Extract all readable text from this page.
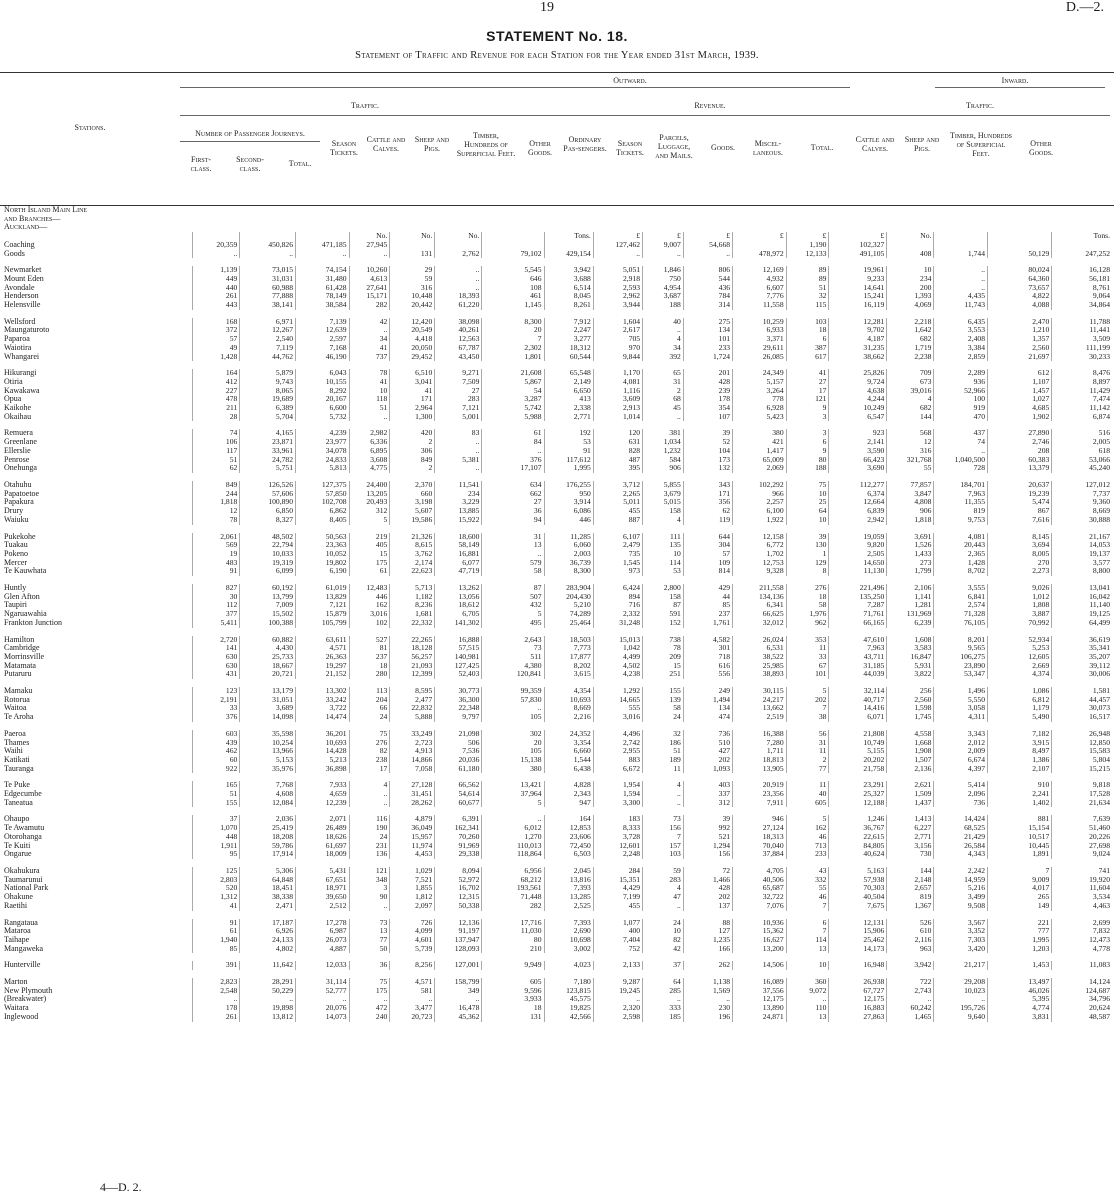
19	D.—2.
STATEMENT No. 18.
Statement of Traffic and Revenue for each Station for the Year ended 31st March, 1939.
Outward.	Inward.
Traffic.	Revenue.	Traffic.
Number of Passenger Journeys.
Stations.
First-class.
Second-class.
Total.
Season Tickets.
Cattle and Calves.
Sheep and Pigs.
Timber, Hundreds of Superficial Feet.
Other Goods.
Ordinary Pas-sengers.
Season Tickets.
Parcels, Luggage, and Mails.
Goods.	Miscel-laneous.
Total.
Cattle and Calves.
Sheep and Pigs.
Timber, Hundreds of Superficial Feet.
Other Goods.
North Island Main Line																		
and Branches—																		
Auckland—																		
				No.	No.	No.		Tons.	£	£	£	£	£	£	No.			Tons.
Coaching	20,359	450,826	471,185	27,945					127,462	9,007	54,668		1,190	102,327				
Goods	..	..	..	..	131	2,762	79,102	429,154	..	..	..	478,972	12,133	491,105	408	1,744	50,129	247,252

Newmarket	1,139	73,015	74,154	10,260	29	..	5,545	3,942	5,051	1,846	806	12,169	89	19,961	10	..	80,024	16,128
Mount Eden	449	31,031	31,480	4,613	59	..	646	3,688	2,918	750	544	4,932	89	9,233	234	..	64,360	56,181
Avondale	440	60,988	61,428	27,641	316	..	108	6,514	2,593	4,954	436	6,607	51	14,641	200	..	73,657	8,761
Henderson	261	77,888	78,149	15,171	10,448	18,393	461	8,045	2,962	3,687	784	7,776	32	15,241	1,393	4,435	4,822	9,064
Helensville	443	38,141	38,584	282	20,442	61,220	1,145	8,261	3,944	188	314	11,558	115	16,119	4,069	11,743	4,088	34,864

Wellsford	168	6,971	7,139	42	12,420	38,098	8,300	7,912	1,604	40	275	10,259	103	12,281	2,218	6,435	2,470	11,788
Maungaturoto	372	12,267	12,639	..	20,549	40,261	20	2,247	2,617	..	134	6,933	18	9,702	1,642	3,553	1,210	11,441
Paparoa	57	2,540	2,597	34	4,418	12,563	7	3,277	705	4	101	3,371	6	4,187	682	2,408	1,357	3,509
Waiotira	49	7,119	7,168	41	20,050	67,787	2,302	18,312	970	34	233	29,611	387	31,235	1,719	3,384	2,560	111,199
Whangarei	1,428	44,762	46,190	737	29,452	43,450	1,801	60,544	9,844	392	1,724	26,085	617	38,662	2,238	2,859	21,697	30,233

Hikurangi	164	5,879	6,043	78	6,510	9,271	21,608	65,548	1,170	65	201	24,349	41	25,826	709	2,289	612	8,476
Otiria	412	9,743	10,155	41	3,041	7,509	5,867	2,149	4,081	31	428	5,157	27	9,724	673	936	1,107	8,897
Kawakawa	227	8,065	8,292	10	41	27	54	6,650	1,116	2	239	3,264	17	4,638	39,016	52,966	1,457	11,429
Opua	478	19,689	20,167	118	171	283	3,287	413	3,609	68	178	778	121	4,244	4	100	1,027	7,474
Kaikohe	211	6,389	6,600	51	2,964	7,121	5,742	2,338	2,913	45	354	6,928	9	10,249	682	919	4,685	11,142
Okaihau	28	5,704	5,732	..	1,300	5,001	5,988	2,771	1,014	..	107	5,423	3	6,547	144	470	1,902	6,874

Remuera	74	4,165	4,239	2,982	420	83	61	192	120	381	39	380	3	923	568	437	27,890	516
Greenlane	106	23,871	23,977	6,336	2	..	84	53	631	1,034	52	421	6	2,141	12	74	2,746	2,005
Ellerslie	117	33,961	34,078	6,895	306	..	..	91	828	1,232	104	1,417	9	3,590	316	..	208	618
Penrose	51	24,782	24,833	3,608	849	5,381	376	117,612	487	584	173	65,009	80	66,423	321,768	1,040,500	60,383	53,066
Onehunga	62	5,751	5,813	4,775	2	..	17,107	1,995	395	906	132	2,069	188	3,690	55	728	13,379	45,240

Otahuhu	849	126,526	127,375	24,400	2,370	11,541	634	176,255	3,712	5,855	343	102,292	75	112,277	77,857	184,701	20,637	127,012
Papatoetoe	244	57,606	57,850	13,205	660	234	662	950	2,265	3,679	171	966	10	6,374	3,847	7,963	19,239	7,737
Papakura	1,818	100,890	102,708	20,493	3,198	3,229	27	3,914	5,011	5,015	356	2,257	25	12,664	4,808	11,355	5,474	9,360
Drury	12	6,850	6,862	312	5,607	13,885	36	6,086	455	158	62	6,100	64	6,839	906	819	867	8,669
Waiuku	78	8,327	8,405	5	19,586	15,922	94	446	887	4	119	1,922	10	2,942	1,818	9,753	7,616	30,888

Pukekohe	2,061	48,502	50,563	219	21,326	18,600	31	11,285	6,107	111	644	12,158	39	19,059	3,691	4,081	8,145	21,167
Tuakau	569	22,794	23,363	405	8,615	58,149	13	6,060	2,479	135	304	6,772	130	9,820	1,526	20,443	3,694	14,053
Pokeno	19	10,033	10,052	15	3,762	16,881	..	2,003	735	10	57	1,702	1	2,505	1,433	2,365	8,005	19,137
Mercer	483	19,319	19,802	175	2,174	6,077	579	36,739	1,545	114	109	12,753	129	14,650	273	1,428	270	3,577
Te Kauwhata	91	6,099	6,190	61	22,623	47,719	58	8,300	973	53	814	9,328	8	11,130	1,799	8,702	2,273	8,800

Huntly	827	60,192	61,019	12,483	5,713	13,262	87	283,904	6,424	2,800	429	211,558	276	221,496	2,106	3,555	9,026	13,041
Glen Afton	30	13,799	13,829	446	1,182	13,056	507	204,430	894	158	44	134,136	18	135,250	1,141	6,841	1,012	16,042
Taupiri	112	7,009	7,121	162	8,236	18,612	432	5,210	716	87	85	6,341	58	7,287	1,281	2,574	1,808	11,140
Ngaruawahia	377	15,502	15,879	3,016	1,681	6,705	5	74,289	2,332	591	237	66,625	1,976	71,761	131,969	71,328	3,887	19,125
Frankton Junction	5,411	100,388	105,799	102	22,332	141,302	495	25,464	31,248	152	1,761	32,012	962	66,165	6,239	76,105	70,992	64,499

Hamilton	2,720	60,882	63,611	527	22,265	16,888	2,643	18,503	15,013	738	4,582	26,024	353	47,610	1,608	8,201	52,934	36,619
Cambridge	141	4,430	4,571	81	18,128	57,515	73	7,773	1,042	78	301	6,531	11	7,963	3,583	9,565	5,253	35,341
Morrinsville	630	25,733	26,363	237	56,257	140,981	511	17,877	4,499	209	718	38,522	33	43,711	16,847	106,275	12,605	35,207
Matamata	630	18,667	19,297	18	21,093	127,425	4,380	8,202	4,502	15	616	25,985	67	31,185	5,931	23,890	2,669	39,112
Putaruru	431	20,721	21,152	280	12,399	52,403	120,841	3,615	4,238	251	556	38,893	101	44,039	3,822	53,347	4,374	30,006

Mamaku	123	13,179	13,302	113	8,595	30,773	99,359	4,354	1,292	155	249	30,115	5	32,114	256	1,496	1,086	1,581
Rotorua	2,191	31,051	33,242	204	2,477	36,300	57,830	10,693	14,665	139	1,494	24,217	202	40,717	2,560	5,550	6,812	44,457
Waitoa	33	3,689	3,722	66	22,832	22,348	..	8,669	555	58	134	13,662	7	14,416	1,598	3,058	1,179	30,073
Te Aroha	376	14,098	14,474	24	5,888	9,797	105	2,216	3,016	24	474	2,519	38	6,071	1,745	4,311	5,490	16,517

Paeroa	603	35,598	36,201	75	33,249	21,098	302	24,352	4,496	32	736	16,388	56	21,808	4,558	3,343	7,182	26,948
Thames	439	10,254	10,693	276	2,723	506	20	3,354	2,742	186	510	7,280	31	10,749	1,668	2,012	3,915	12,850
Waihi	462	13,966	14,428	82	4,913	7,536	105	6,660	2,955	51	427	1,711	11	5,155	1,908	2,009	8,497	15,583
Katikati	60	5,153	5,213	238	14,866	20,036	15,138	1,544	883	189	202	18,813	2	20,202	1,507	6,674	1,386	5,804
Tauranga	922	35,976	36,898	17	7,058	61,180	380	6,438	6,672	11	1,093	13,905	77	21,758	2,136	4,397	2,107	15,215

Te Puke	165	7,768	7,933	4	27,128	66,562	13,421	4,828	1,954	4	403	20,919	11	23,291	2,621	5,414	910	9,818
Edgecumbe	51	4,608	4,659	..	31,451	54,614	37,964	2,343	1,594	..	337	23,356	40	25,327	1,509	2,096	2,241	17,528
Taneatua	155	12,084	12,239	..	28,262	60,677	5	947	3,300	..	312	7,911	605	12,188	1,437	736	1,402	21,634

Ohaupo	37	2,036	2,071	116	4,879	6,391	..	164	183	73	39	946	5	1,246	1,413	14,424	881	7,639
Te Awamutu	1,070	25,419	26,489	190	36,049	162,341	6,012	12,853	8,333	156	992	27,124	162	36,767	6,227	68,525	15,154	51,460
Otorohanga	448	18,208	18,626	24	15,957	70,260	1,270	23,606	3,728	7	521	18,313	46	22,615	2,771	21,429	10,517	20,226
Te Kuiti	1,911	59,786	61,697	231	11,974	91,969	110,013	72,450	12,601	157	1,294	70,040	713	84,805	3,156	26,584	10,445	27,698
Ongarue	95	17,914	18,009	136	4,453	29,338	118,864	6,503	2,248	103	156	37,884	233	40,624	730	4,343	1,891	9,024

Okahukura	125	5,306	5,431	121	1,029	8,094	6,956	2,045	284	59	72	4,705	43	5,163	144	2,242	7	741
Taumarunui	2,803	64,848	67,651	348	7,521	52,972	68,212	13,816	15,351	283	1,466	40,506	332	57,938	2,148	14,959	9,009	19,920
National Park	520	18,451	18,971	3	1,855	16,702	193,561	7,393	4,429	4	428	65,687	55	70,303	2,657	5,216	4,017	11,604
Ohakune	1,312	38,338	39,650	90	1,812	12,315	71,448	13,285	7,199	47	202	32,722	46	40,504	819	3,499	265	3,534
Raetihi	41	2,471	2,512	..	2,097	50,338	282	2,525	455	..	137	7,076	7	7,675	1,367	9,508	149	4,463

Rangataua	91	17,187	17,278	73	726	12,136	17,716	7,393	1,077	24	88	10,936	6	12,131	526	3,567	221	2,699
Mataroa	61	6,926	6,987	13	4,099	91,197	11,030	2,690	400	10	127	15,362	7	15,906	610	3,352	777	7,832
Taihape	1,940	24,133	26,073	77	4,601	137,947	80	10,698	7,404	82	1,235	16,627	114	25,462	2,116	7,303	1,995	12,473
Mangaweka	85	4,802	4,887	50	5,739	128,093	210	3,002	752	42	166	13,200	13	14,173	963	3,420	1,203	4,778

Hunterville	391	11,642	12,033	36	8,256	127,001	9,949	4,023	2,133	37	262	14,506	10	16,948	3,942	21,217	1,453	11,083

Marton	2,823	28,291	31,114	75	4,571	158,799	605	7,180	9,287	64	1,138	16,089	360	26,938	722	29,208	13,497	14,124
New Plymouth	2,548	50,229	52,777	175	581	349	9,596	123,815	19,245	285	1,569	37,556	9,072	67,727	2,743	10,023	46,026	124,687
(Breakwater)	..	..	..	..	..	..	3,933	45,575	..	..	..	12,175	..	12,175	..	..	5,395	34,796
Waitara	178	19,898	20,076	472	3,477	16,478	18	19,825	2,320	333	230	13,890	110	16,883	60,242	195,726	4,774	20,624
Inglewood	261	13,812	14,073	240	20,723	45,362	131	42,566	2,598	185	196	24,871	13	27,863	1,465	9,640	3,831	48,587
4—D. 2.
